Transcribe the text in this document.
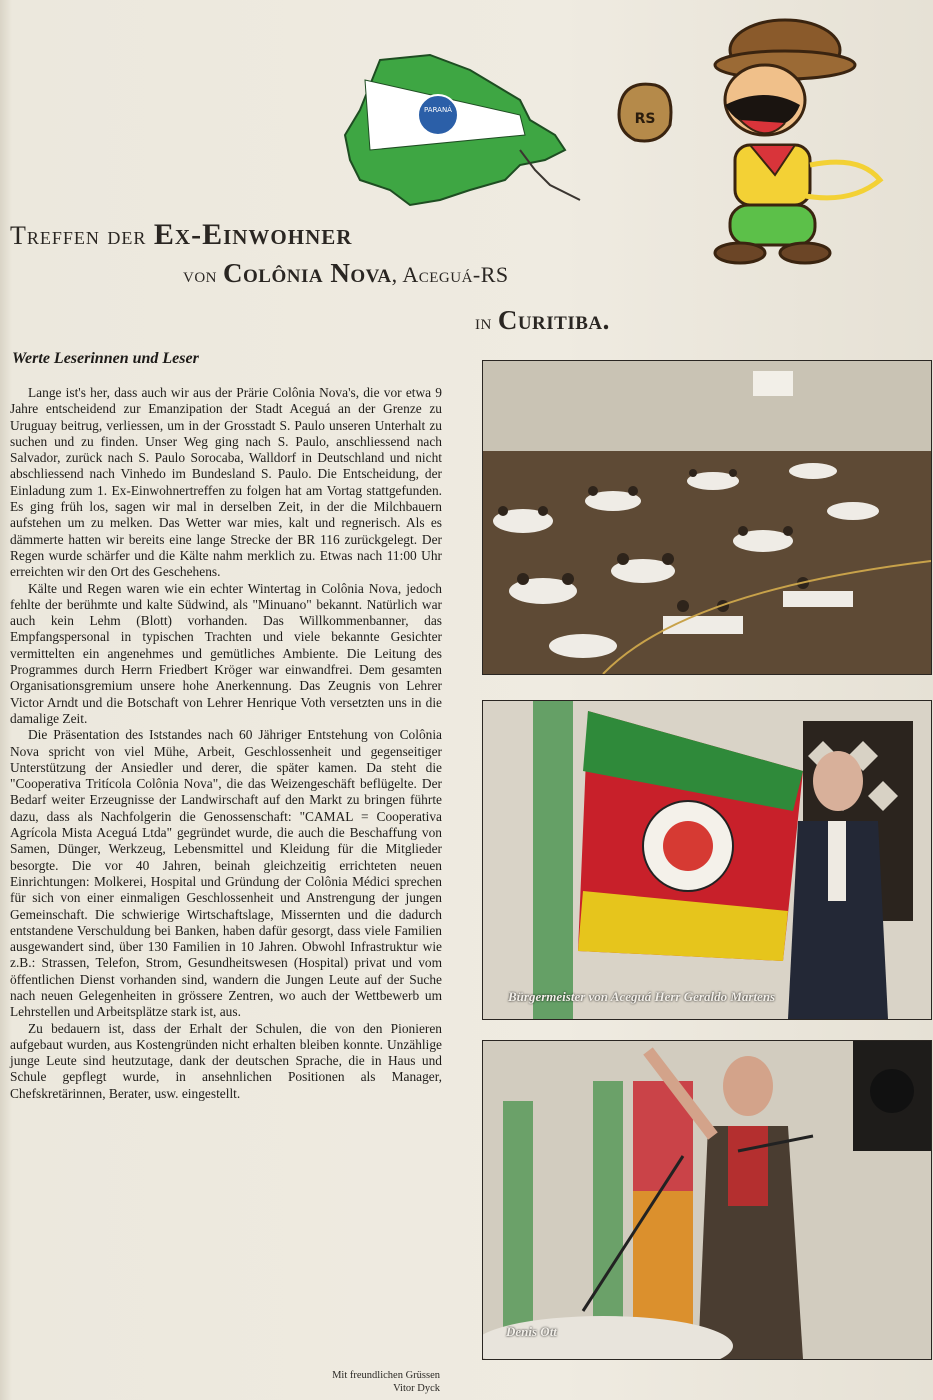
PARANÁ
RS
Treffen der Ex-Einwohner
von Colônia Nova, Aceguá-RS
in Curitiba.
Werte Leserinnen und Leser

Lange ist's her, dass auch wir aus der Prärie Colônia Nova's, die vor etwa 9 Jahre entscheidend zur Emanzipation der Stadt Aceguá an der Grenze zu Uruguay beitrug, verliessen, um in der Grosstadt S. Paulo unseren Unterhalt zu suchen und zu finden. Unser Weg ging nach S. Paulo, anschliessend nach Salvador, zurück nach S. Paulo Sorocaba, Walldorf in Deutschland und nicht abschliessend nach Vinhedo im Bundesland S. Paulo. Die Entscheidung, der Einladung zum 1. Ex-Einwohnertreffen zu folgen hat am Vortag stattgefunden. Es ging früh los, sagen wir mal in derselben Zeit, in der die Milchbauern aufstehen um zu melken. Das Wetter war mies, kalt und regnerisch. Als es dämmerte hatten wir bereits eine lange Strecke der BR 116 zurückgelegt. Der Regen wurde schärfer und die Kälte nahm merklich zu. Etwas nach 11:00 Uhr erreichten wir den Ort des Geschehens.

Kälte und Regen waren wie ein echter Wintertag in Colônia Nova, jedoch fehlte der berühmte und kalte Südwind, als "Minuano" bekannt. Natürlich war auch kein Lehm (Blott) vorhanden. Das Willkommenbanner, das Empfangspersonal in typischen Trachten und viele bekannte Gesichter vermittelten ein angenehmes und gemütliches Ambiente. Die Leitung des Programmes durch Herrn Friedbert Kröger war einwandfrei. Dem gesamten Organisationsgremium unsere hohe Anerkennung. Das Zeugnis von Lehrer Victor Arndt und die Botschaft von Lehrer Henrique Voth versetzten uns in die damalige Zeit.

Die Präsentation des Iststandes nach 60 Jähriger Entstehung von Colônia Nova spricht von viel Mühe, Arbeit, Geschlossenheit und gegenseitiger Unterstützung der Ansiedler und derer, die später kamen. Da steht die "Cooperativa Tritícola Colônia Nova", die das Weizengeschäft beflügelte. Der Bedarf weiter Erzeugnisse der Landwirschaft auf den Markt zu bringen führte dazu, dass als Nachfolgerin die Genossenschaft: "CAMAL = Cooperativa Agrícola Mista Aceguá Ltda" gegründet wurde, die auch die Beschaffung von Samen, Dünger, Werkzeug, Lebensmittel und Kleidung für die Mitglieder besorgte. Die vor 40 Jahren, beinah gleichzeitig errichteten neuen Einrichtungen: Molkerei, Hospital und Gründung der Colônia Médici sprechen für sich von einer einmaligen Geschlossenheit und Anstrengung der jungen Gemeinschaft. Die schwierige Wirtschaftslage, Missernten und die dadurch entstandene Verschuldung bei Banken, haben dafür gesorgt, dass viele Familien ausgewandert sind, über 130 Familien in 10 Jahren. Obwohl Infrastruktur wie z.B.: Strassen, Telefon, Strom, Gesundheitswesen (Hospital) privat und vom öffentlichen Dienst vorhanden sind, wandern die Jungen Leute auf der Suche nach neuen Gelegenheiten in grössere Zentren, wo auch der Wettbewerb um Lehrstellen und Arbeitsplätze stark ist, aus.

Zu bedauern ist, dass der Erhalt der Schulen, die von den Pionieren aufgebaut wurden, aus Kostengründen nicht erhalten bleiben konnte. Unzählige junge Leute sind heutzutage, dank der deutschen Sprache, die in Haus und Schule gepflegt wurde, in ansehnlichen Positionen als Manager, Chefskretärinnen, Berater, usw. eingestellt.

Mit freundlichen Grüssen
Vitor Dyck
Bürgermeister von Aceguá Herr Geraldo Martens
Denis Ott
